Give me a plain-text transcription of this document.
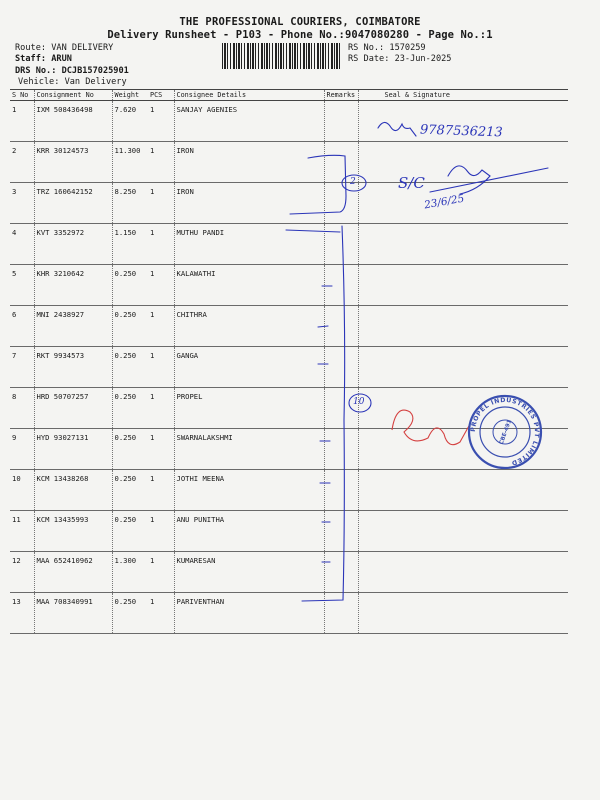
THE PROFESSIONAL COURIERS, COIMBATORE
Delivery Runsheet - P103 - Phone No.:9047080280 - Page No.:1
Route: VAN DELIVERY
Staff: ARUN
DRS No.: DCJB157025901
Vehicle: Van Delivery
RS No.: 1570259
RS Date: 23-Jun-2025
S No	Consignment No	Weight	PCS	Consignee Details	Remarks	Seal & Signature
1	IXM 508436498	7.620	1	SANJAY AGENIES		
2	KRR 30124573	11.300	1	IRON		
3	TRZ 160642152	8.250	1	IRON		
4	KVT 3352972	1.150	1	MUTHU PANDI		
5	KHR 3210642	0.250	1	KALAWATHI		
6	MNI 2438927	0.250	1	CHITHRA		
7	RKT 9934573	0.250	1	GANGA		
8	HRD 50707257	0.250	1	PROPEL		
9	HYD 93027131	0.250	1	SWARNALAKSHMI		
10	KCM 13438268	0.250	1	JOTHI MEENA		
11	KCM 13435993	0.250	1	ANU PUNITHA		
12	MAA 652410962	1.300	1	KUMARESAN		
13	MAA 708340991	0.250	1	PARIVENTHAN		
PROPEL INDUSTRIES PVT LIMITED
CBE-491
9787536213
S/C
23/6/25
2
10
